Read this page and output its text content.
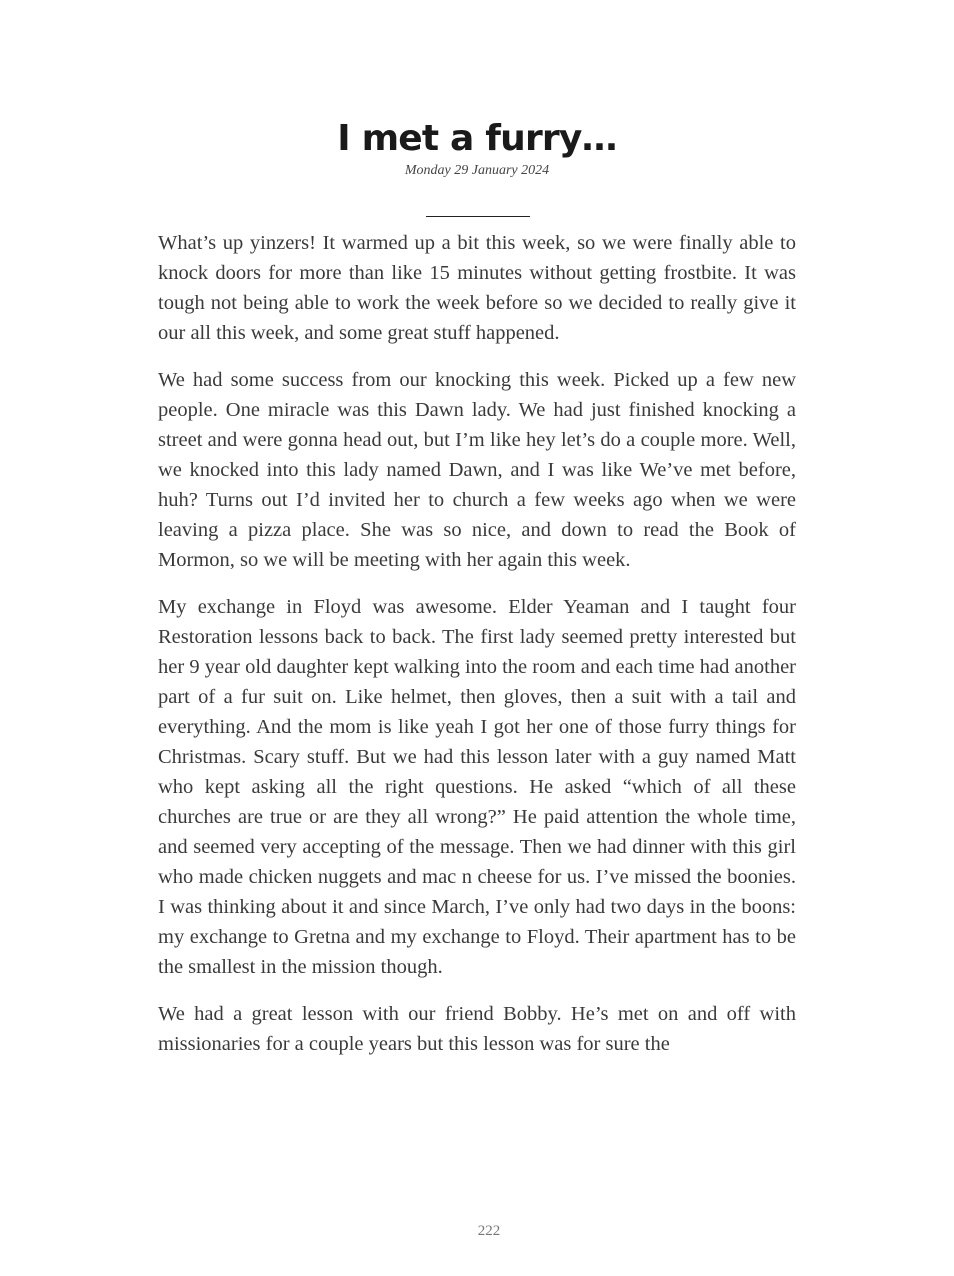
I met a furry…
Monday 29 January 2024

What’s up yinzers! It warmed up a bit this week, so we were finally able to knock doors for more than like 15 minutes without getting frostbite. It was tough not being able to work the week before so we decided to really give it our all this week, and some great stuff happened.

We had some success from our knocking this week. Picked up a few new people. One miracle was this Dawn lady. We had just finished knocking a street and were gonna head out, but I’m like hey let’s do a couple more. Well, we knocked into this lady named Dawn, and I was like We’ve met before, huh? Turns out I’d invited her to church a few weeks ago when we were leaving a pizza place. She was so nice, and down to read the Book of Mormon, so we will be meeting with her again this week.

My exchange in Floyd was awesome. Elder Yeaman and I taught four Restoration lessons back to back. The first lady seemed pretty interested but her 9 year old daughter kept walking into the room and each time had another part of a fur suit on. Like helmet, then gloves, then a suit with a tail and everything. And the mom is like yeah I got her one of those furry things for Christmas. Scary stuff. But we had this lesson later with a guy named Matt who kept asking all the right questions. He asked “which of all these churches are true or are they all wrong?” He paid attention the whole time, and seemed very accepting of the message. Then we had dinner with this girl who made chicken nuggets and mac n cheese for us. I’ve missed the boonies. I was thinking about it and since March, I’ve only had two days in the boons: my exchange to Gretna and my exchange to Floyd. Their apartment has to be the smallest in the mission though.

We had a great lesson with our friend Bobby. He’s met on and off with missionaries for a couple years but this lesson was for sure the

222
